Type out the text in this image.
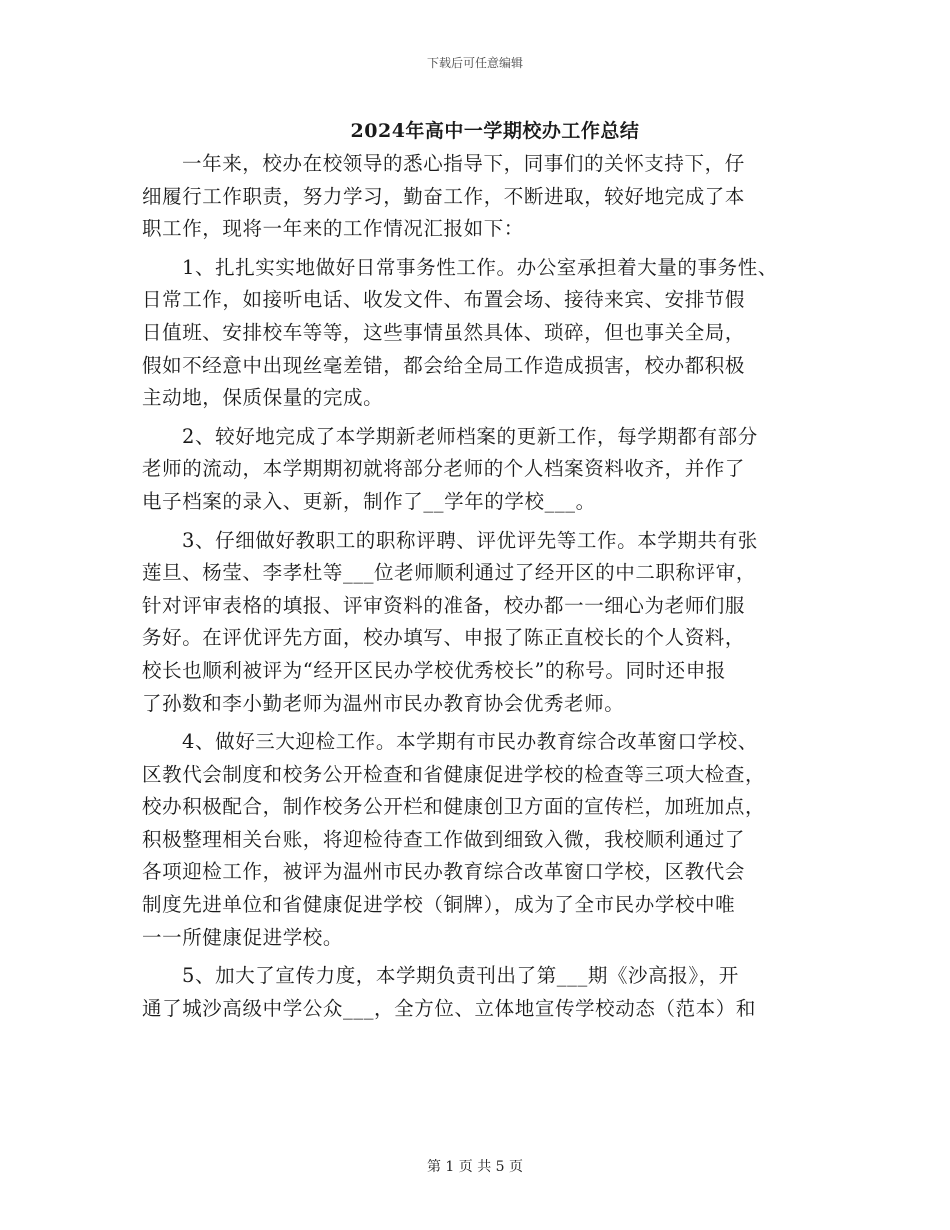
下载后可任意编辑
2024年高中一学期校办工作总结
一年来，校办在校领导的悉心指导下，同事们的关怀支持下，仔
细履行工作职责，努力学习，勤奋工作，不断进取，较好地完成了本
职工作，现将一年来的工作情况汇报如下：
1、扎扎实实地做好日常事务性工作。办公室承担着大量的事务性、
日常工作，如接听电话、收发文件、布置会场、接待来宾、安排节假
日值班、安排校车等等，这些事情虽然具体、琐碎，但也事关全局，
假如不经意中出现丝毫差错，都会给全局工作造成损害，校办都积极
主动地，保质保量的完成。
2、较好地完成了本学期新老师档案的更新工作，每学期都有部分
老师的流动，本学期期初就将部分老师的个人档案资料收齐，并作了
电子档案的录入、更新，制作了__学年的学校___。
3、仔细做好教职工的职称评聘、评优评先等工作。本学期共有张
莲旦、杨莹、李孝杜等___位老师顺利通过了经开区的中二职称评审，
针对评审表格的填报、评审资料的准备，校办都一一细心为老师们服
务好。在评优评先方面，校办填写、申报了陈正直校长的个人资料，
校长也顺利被评为“经开区民办学校优秀校长”的称号。同时还申报
了孙数和李小勤老师为温州市民办教育协会优秀老师。
4、做好三大迎检工作。本学期有市民办教育综合改革窗口学校、
区教代会制度和校务公开检查和省健康促进学校的检查等三项大检查，
校办积极配合，制作校务公开栏和健康创卫方面的宣传栏，加班加点，
积极整理相关台账，将迎检待查工作做到细致入微，我校顺利通过了
各项迎检工作，被评为温州市民办教育综合改革窗口学校，区教代会
制度先进单位和省健康促进学校（铜牌），成为了全市民办学校中唯
一一所健康促进学校。
5、加大了宣传力度，本学期负责刊出了第___期《沙高报》，开
通了城沙高级中学公众___，全方位、立体地宣传学校动态（范本）和
第 1 页 共 5 页
